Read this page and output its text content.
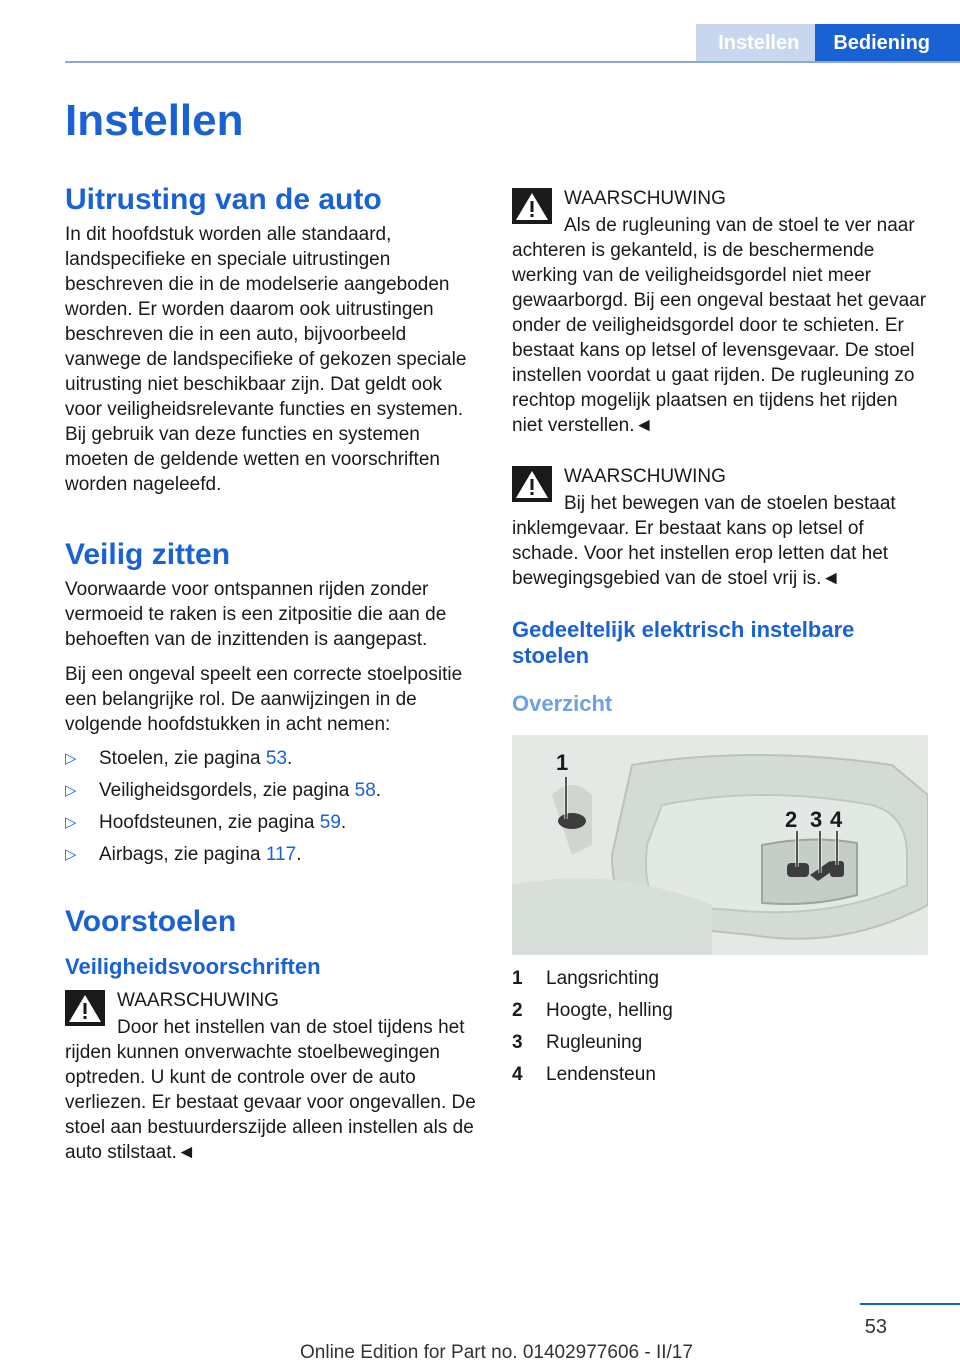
Instellen	Bediening
Instellen
Uitrusting van de auto

In dit hoofdstuk worden alle standaard, landspecifieke en speciale uitrustingen beschreven die in de modelserie aangeboden worden. Er worden daarom ook uitrustingen beschreven die in een auto, bijvoorbeeld vanwege de landspecifieke of gekozen speciale uitrusting niet beschikbaar zijn. Dat geldt ook voor veiligheidsrelevante functies en systemen. Bij gebruik van deze functies en systemen moeten de geldende wetten en voorschriften worden nageleefd.

Veilig zitten

Voorwaarde voor ontspannen rijden zonder vermoeid te raken is een zitpositie die aan de behoeften van de inzittenden is aangepast.

Bij een ongeval speelt een correcte stoelpositie een belangrijke rol. De aanwijzingen in de volgende hoofdstukken in acht nemen:

▷ Stoelen, zie pagina 53.
▷ Veiligheidsgordels, zie pagina 58.
▷ Hoofdsteunen, zie pagina 59.
▷ Airbags, zie pagina 117.
Voorstoelen
Veiligheidsvoorschriften
WAARSCHUWING

Door het instellen van de stoel tijdens het

rijden kunnen onverwachte stoelbewegingen optreden. U kunt de controle over de auto verliezen. Er bestaat gevaar voor ongevallen. De stoel aan bestuurderszijde alleen instellen als de auto stilstaat.◄

WAARSCHUWING

Als de rugleuning van de stoel te ver naar

achteren is gekanteld, is de beschermende werking van de veiligheidsgordel niet meer gewaarborgd. Bij een ongeval bestaat het gevaar onder de veiligheidsgordel door te schieten. Er bestaat kans op letsel of levensgevaar. De stoel instellen voordat u gaat rijden. De rugleuning zo rechtop mogelijk plaatsen en tijdens het rijden niet verstellen.◄

WAARSCHUWING

Bij het bewegen van de stoelen bestaat

inklemgevaar. Er bestaat kans op letsel of schade. Voor het instellen erop letten dat het bewegingsgebied van de stoel vrij is.◄

Gedeeltelijk elektrisch instelbare stoelen
Overzicht
1
2 3 4
1	Langsrichting
2	Hoogte, helling
3	Rugleuning
4	Lendensteun
53
Online Edition for Part no. 01402977606 - II/17
